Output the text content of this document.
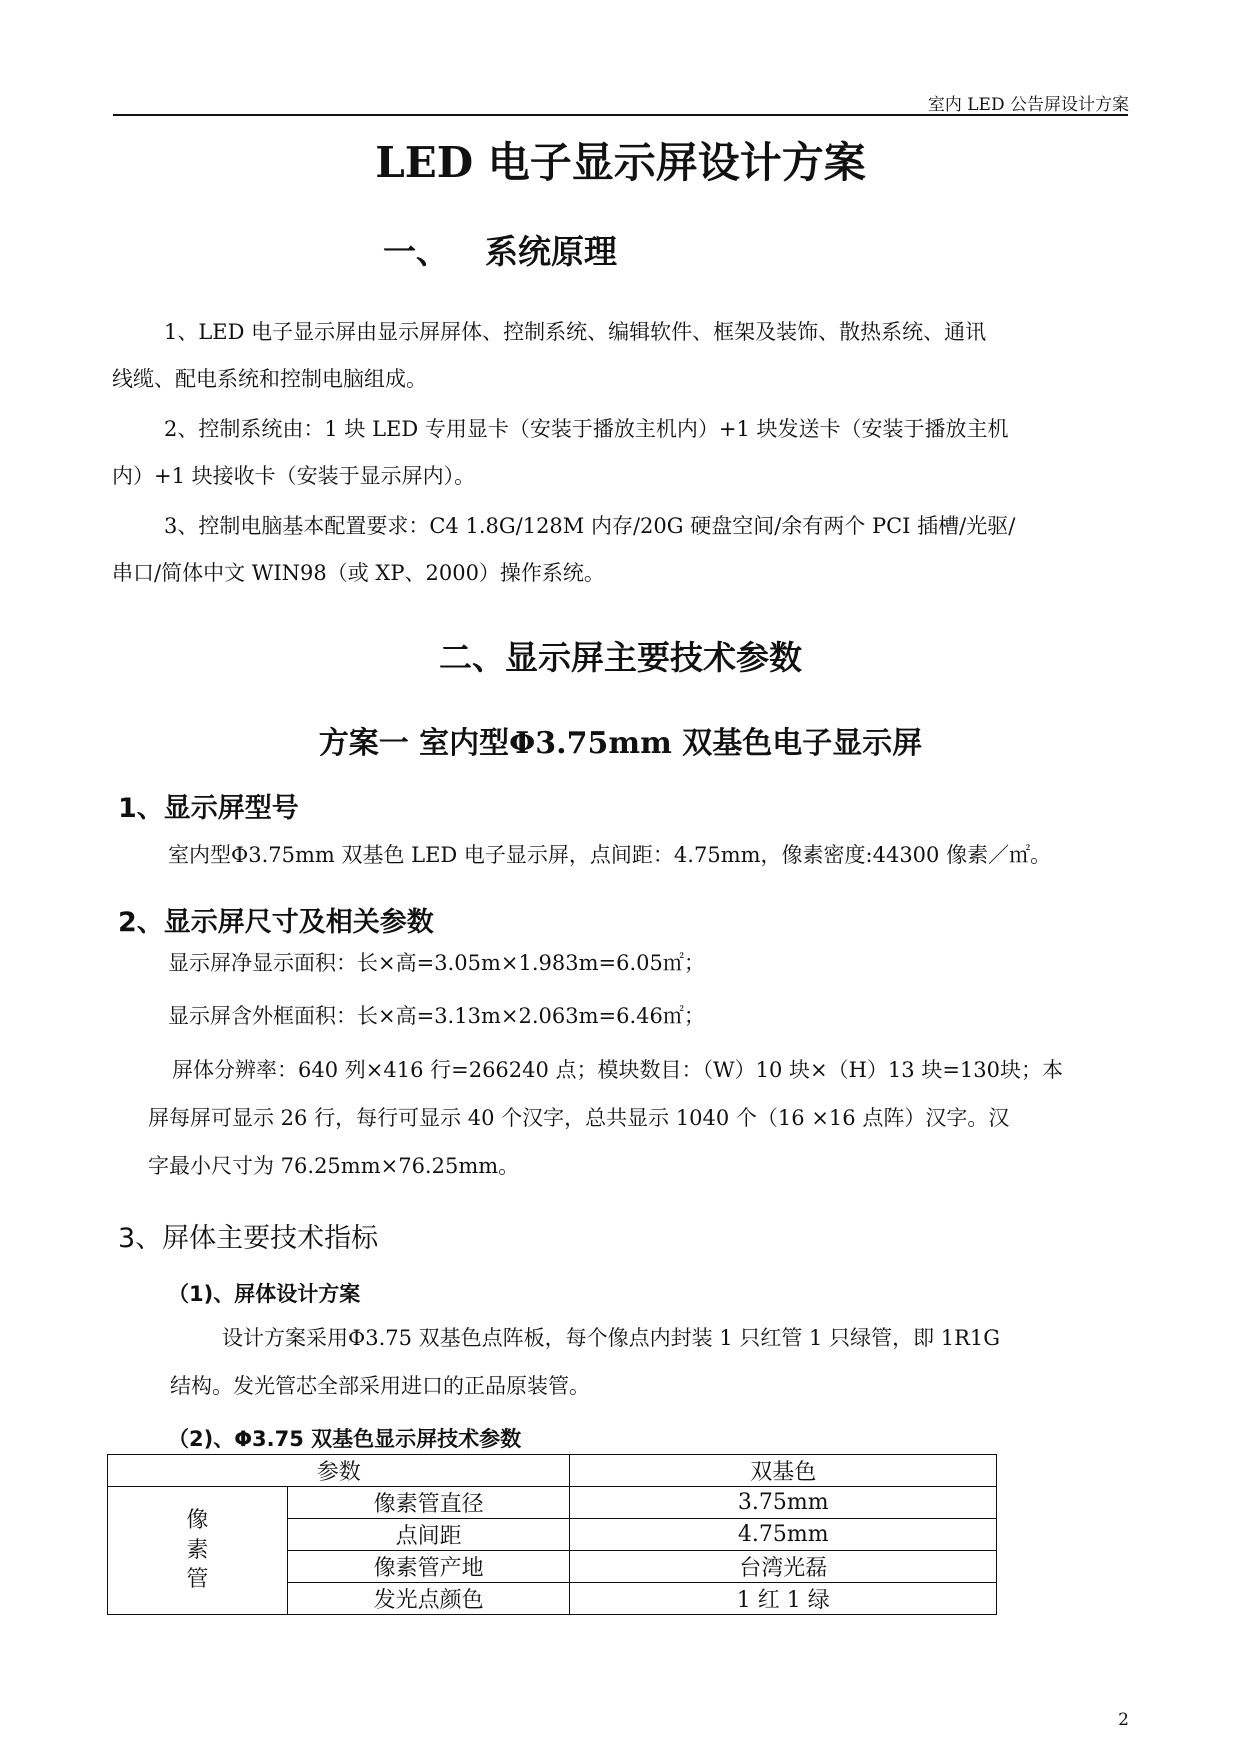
室内 LED 公告屏设计方案
LED 电子显示屏设计方案
一、 系统原理
1、LED 电子显示屏由显示屏屏体、控制系统、编辑软件、框架及装饰、散热系统、通讯
线缆、配电系统和控制电脑组成。
2、控制系统由：1 块 LED 专用显卡（安装于播放主机内）+1 块发送卡（安装于播放主机
内）+1 块接收卡（安装于显示屏内）。
3、控制电脑基本配置要求：C4 1.8G/128M 内存/20G 硬盘空间/余有两个 PCI 插槽/光驱/
串口/简体中文 WIN98（或 XP、2000）操作系统。
二、显示屏主要技术参数
方案一 室内型Φ3.75mm 双基色电子显示屏
1、显示屏型号
室内型Φ3.75mm 双基色 LED 电子显示屏，点间距：4.75mm，像素密度:44300 像素／㎡。
2、显示屏尺寸及相关参数
显示屏净显示面积：长×高=3.05m×1.983m=6.05㎡；
显示屏含外框面积：长×高=3.13m×2.063m=6.46㎡；
屏体分辨率：640 列×416 行=266240 点；模块数目：（W）10 块×（H）13 块=130块；本
屏每屏可显示 26 行，每行可显示 40 个汉字，总共显示 1040 个（16 ×16 点阵）汉字。汉
字最小尺寸为 76.25mm×76.25mm。
3、屏体主要技术指标
（1)、屏体设计方案
设计方案采用Φ3.75 双基色点阵板，每个像点内封装 1 只红管 1 只绿管，即 1R1G
结构。发光管芯全部采用进口的正品原装管。
（2)、Φ3.75 双基色显示屏技术参数
参数		双基色

像
素
管	像素管直径	3.75mm
	点间距	4.75mm
	像素管产地	台湾光磊
	发光点颜色	1 红 1 绿
2
